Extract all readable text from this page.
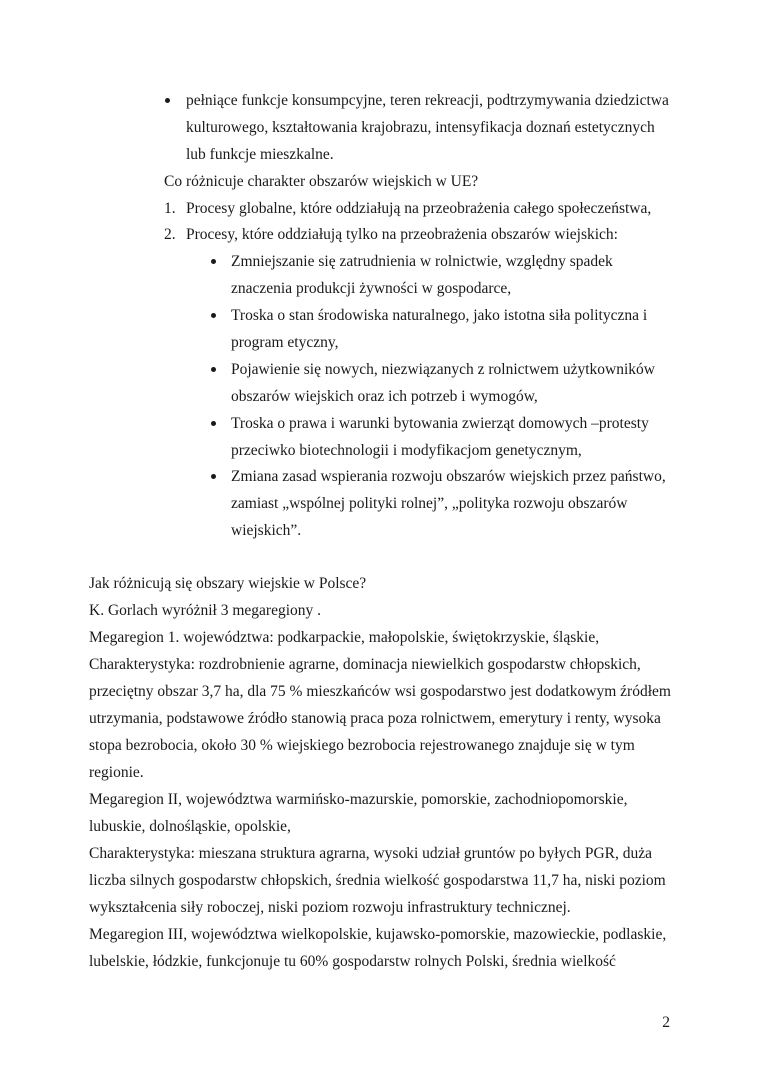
pełniące funkcje konsumpcyjne, teren rekreacji, podtrzymywania dziedzictwa
kulturowego, kształtowania krajobrazu, intensyfikacja doznań estetycznych
lub funkcje mieszkalne.
Co różnicuje charakter obszarów wiejskich w UE?
1. Procesy globalne, które oddziałują na przeobrażenia całego społeczeństwa,
2. Procesy, które oddziałują tylko na przeobrażenia obszarów wiejskich:
Zmniejszanie się zatrudnienia w rolnictwie, względny spadek
znaczenia produkcji żywności w gospodarce,
Troska o stan środowiska naturalnego, jako istotna siła polityczna i
program etyczny,
Pojawienie się nowych, niezwiązanych z rolnictwem użytkowników
obszarów wiejskich oraz ich potrzeb i wymogów,
Troska o prawa i warunki bytowania zwierząt domowych –protesty
przeciwko biotechnologii i modyfikacjom genetycznym,
Zmiana zasad wspierania rozwoju obszarów wiejskich przez państwo,
zamiast „wspólnej polityki rolnej”, „polityka rozwoju obszarów
wiejskich”.
Jak różnicują się obszary wiejskie w Polsce?
K. Gorlach wyróżnił 3 megaregiony .
Megaregion 1. województwa: podkarpackie, małopolskie, świętokrzyskie, śląskie,
Charakterystyka: rozdrobnienie agrarne, dominacja niewielkich gospodarstw chłopskich,
przeciętny obszar 3,7 ha, dla 75 % mieszkańców wsi gospodarstwo jest dodatkowym źródłem
utrzymania, podstawowe źródło stanowią praca poza rolnictwem, emerytury i renty, wysoka
stopa bezrobocia, około 30 % wiejskiego bezrobocia rejestrowanego znajduje się w tym
regionie.
Megaregion II, województwa warmińsko-mazurskie, pomorskie, zachodniopomorskie,
lubuskie, dolnośląskie, opolskie,
Charakterystyka: mieszana struktura agrarna, wysoki udział gruntów po byłych PGR, duża
liczba silnych gospodarstw chłopskich, średnia wielkość gospodarstwa 11,7 ha, niski poziom
wykształcenia siły roboczej, niski poziom rozwoju infrastruktury technicznej.
Megaregion III, województwa wielkopolskie, kujawsko-pomorskie, mazowieckie, podlaskie,
lubelskie, łódzkie, funkcjonuje tu 60% gospodarstw rolnych Polski, średnia wielkość
2
